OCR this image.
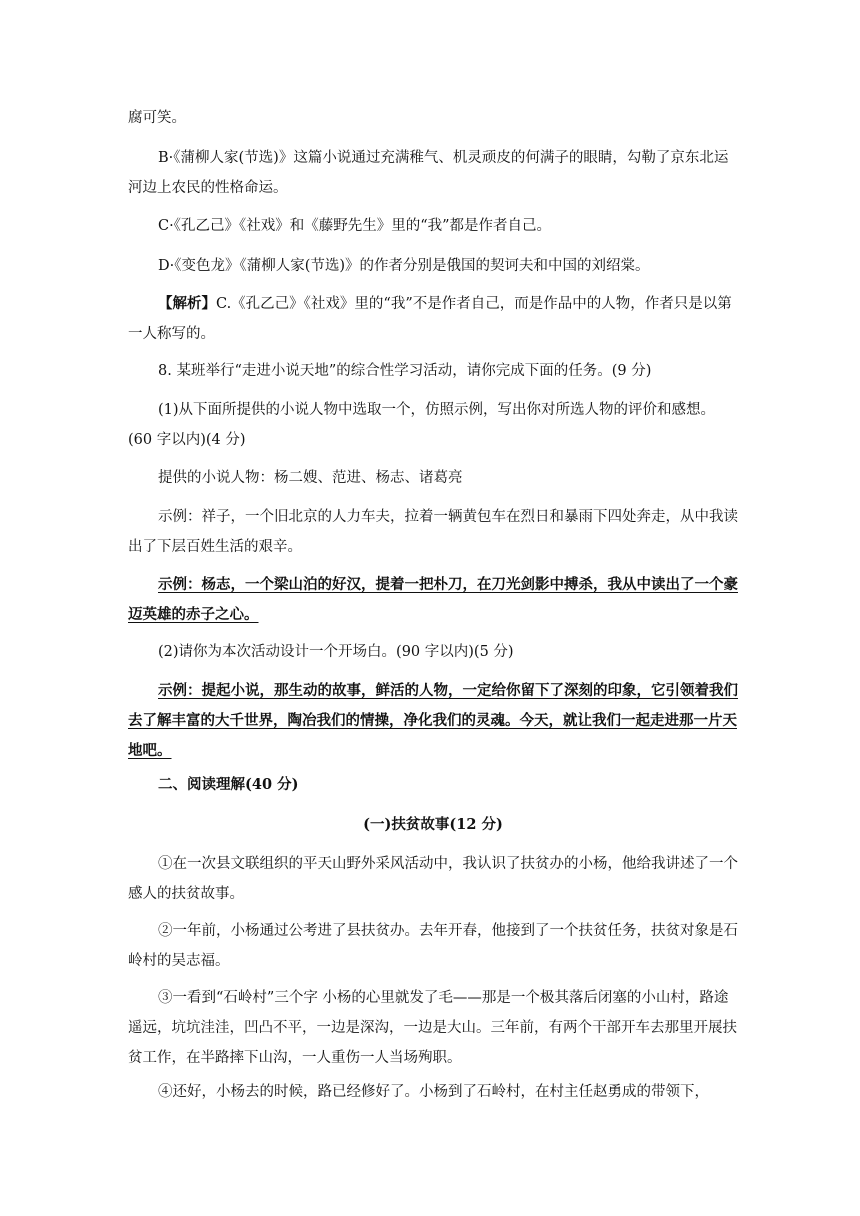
腐可笑。

B·《蒲柳人家(节选)》这篇小说通过充满稚气、机灵顽皮的何满子的眼睛，勾勒了京东北运河边上农民的性格命运。

C·《孔乙己》《社戏》和《藤野先生》里的“我”都是作者自己。

D·《变色龙》《蒲柳人家(节选)》的作者分别是俄国的契诃夫和中国的刘绍棠。

【解析】C.《孔乙己》《社戏》里的“我”不是作者自己，而是作品中的人物，作者只是以第一人称写的。

8. 某班举行“走进小说天地”的综合性学习活动，请你完成下面的任务。(9 分)

(1)从下面所提供的小说人物中选取一个，仿照示例，写出你对所选人物的评价和感想。(60 字以内)(4 分)

提供的小说人物：杨二嫂、范进、杨志、诸葛亮

示例：祥子，一个旧北京的人力车夫，拉着一辆黄包车在烈日和暴雨下四处奔走，从中我读出了下层百姓生活的艰辛。

示例：杨志，一个梁山泊的好汉，提着一把朴刀，在刀光剑影中搏杀，我从中读出了一个豪迈英雄的赤子之心。

(2)请你为本次活动设计一个开场白。(90 字以内)(5 分)

示例：提起小说，那生动的故事，鲜活的人物，一定给你留下了深刻的印象，它引领着我们去了解丰富的大千世界，陶冶我们的情操，净化我们的灵魂。今天，就让我们一起走进那一片天地吧。

二、阅读理解(40 分)

(一)扶贫故事(12 分)

①在一次县文联组织的平天山野外采风活动中，我认识了扶贫办的小杨，他给我讲述了一个感人的扶贫故事。

②一年前，小杨通过公考进了县扶贫办。去年开春，他接到了一个扶贫任务，扶贫对象是石岭村的吴志福。

③一看到“石岭村”三个字 小杨的心里就发了毛——那是一个极其落后闭塞的小山村，路途遥远，坑坑洼洼，凹凸不平，一边是深沟，一边是大山。三年前，有两个干部开车去那里开展扶贫工作，在半路摔下山沟，一人重伤一人当场殉职。

④还好，小杨去的时候，路已经修好了。小杨到了石岭村，在村主任赵勇成的带领下，
